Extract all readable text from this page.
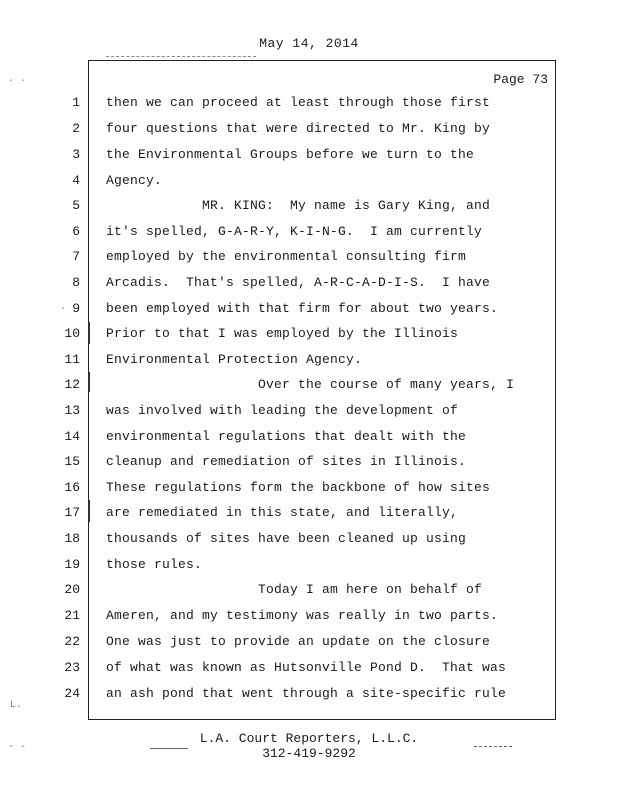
May 14, 2014
Page 73
1 then we can proceed at least through those first
2 four questions that were directed to Mr. King by
3 the Environmental Groups before we turn to the
4 Agency.
5 MR. KING:  My name is Gary King, and
6 it's spelled, G-A-R-Y, K-I-N-G.  I am currently
7 employed by the environmental consulting firm
8 Arcadis.  That's spelled, A-R-C-A-D-I-S.  I have
9 been employed with that firm for about two years.
10 Prior to that I was employed by the Illinois
11 Environmental Protection Agency.
12 Over the course of many years, I
13 was involved with leading the development of
14 environmental regulations that dealt with the
15 cleanup and remediation of sites in Illinois.
16 These regulations form the backbone of how sites
17 are remediated in this state, and literally,
18 thousands of sites have been cleaned up using
19 those rules.
20 Today I am here on behalf of
21 Ameren, and my testimony was really in two parts.
22 One was just to provide an update on the closure
23 of what was known as Hutsonville Pond D.  That was
24 an ash pond that went through a site-specific rule
L.A. Court Reporters, L.L.C.
312-419-9292
. .
.
L.
- -
